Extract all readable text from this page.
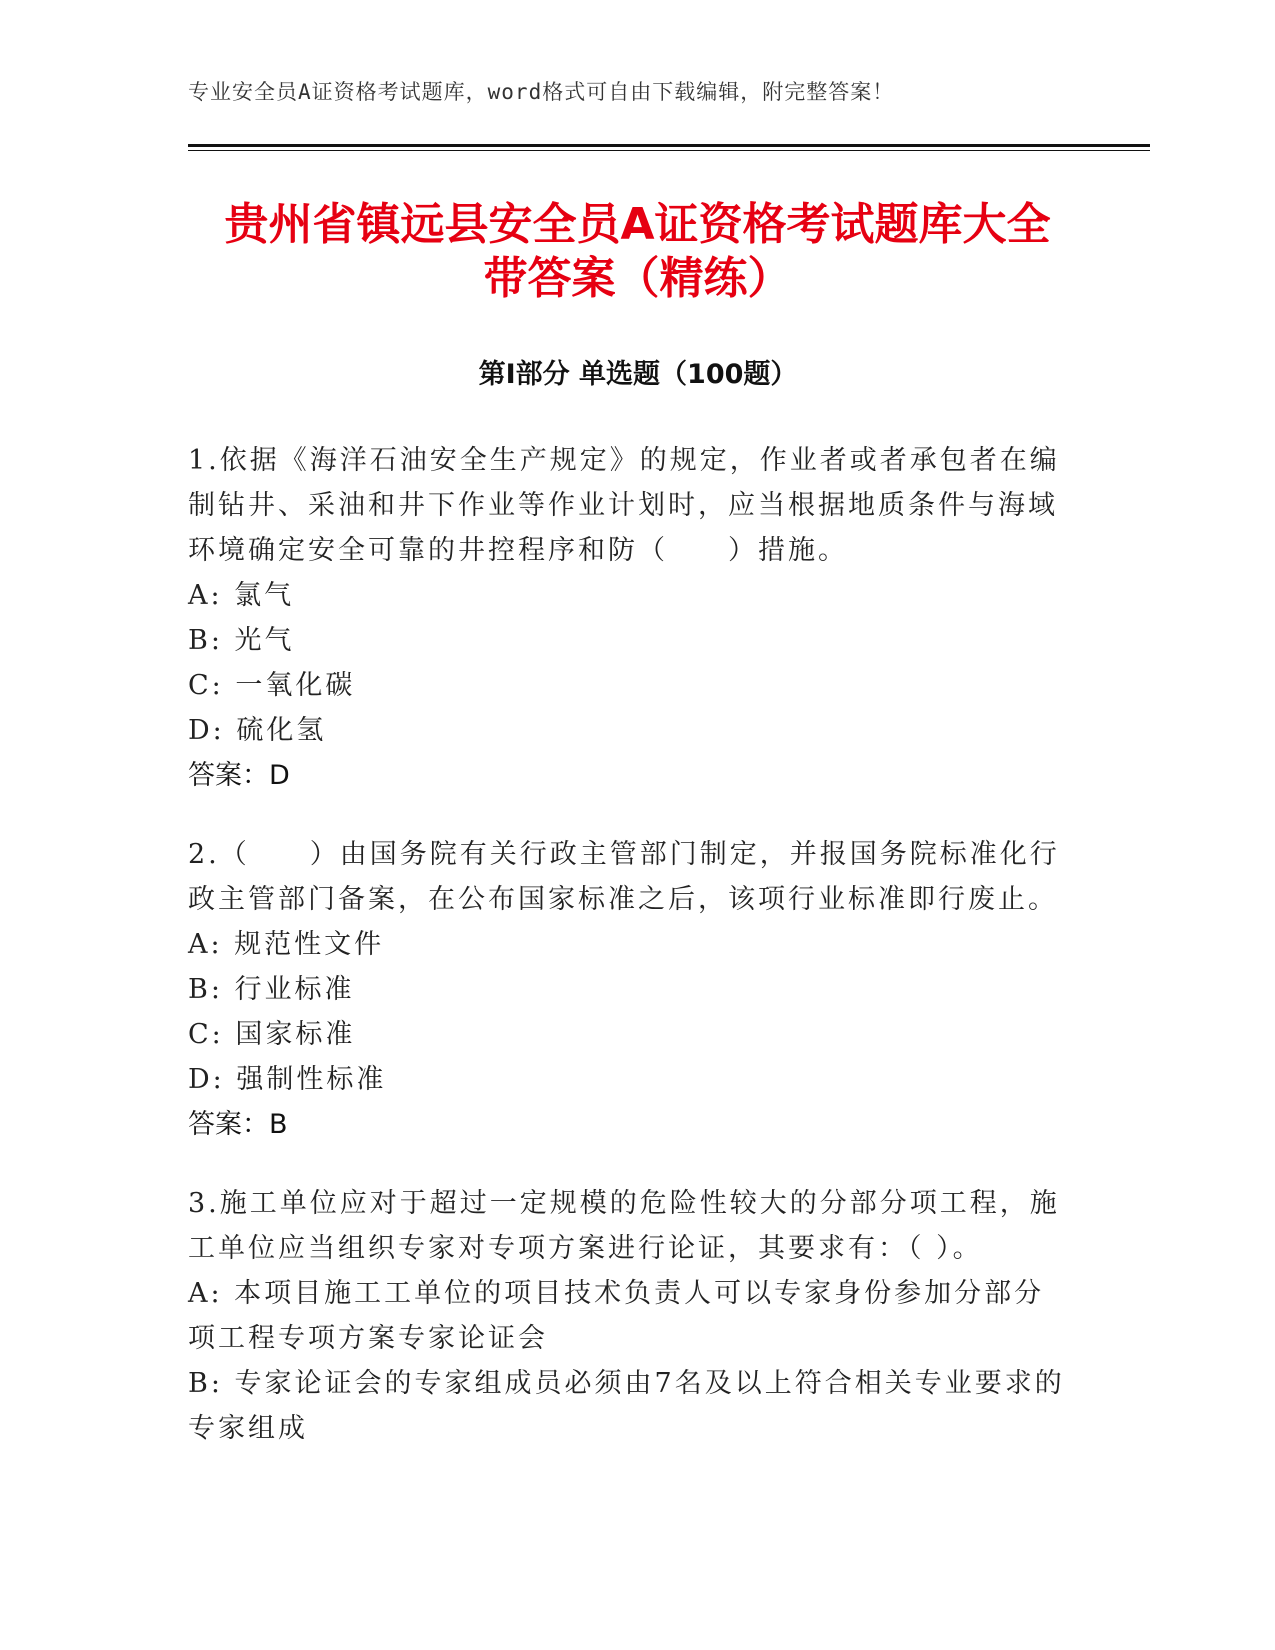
专业安全员A证资格考试题库，word格式可自由下载编辑，附完整答案！
贵州省镇远县安全员A证资格考试题库大全
带答案（精练）
第Ⅰ部分 单选题（100题）
1.依据《海洋石油安全生产规定》的规定，作业者或者承包者在编制钻井、采油和井下作业等作业计划时，应当根据地质条件与海域环境确定安全可靠的井控程序和防（　　）措施。
A: 氯气
B: 光气
C: 一氧化碳
D: 硫化氢
答案：D
2.（　　）由国务院有关行政主管部门制定，并报国务院标准化行政主管部门备案，在公布国家标准之后，该项行业标准即行废止。
A: 规范性文件
B: 行业标准
C: 国家标准
D: 强制性标准
答案：B
3.施工单位应对于超过一定规模的危险性较大的分部分项工程，施工单位应当组织专家对专项方案进行论证，其要求有：（ ）。
A: 本项目施工工单位的项目技术负责人可以专家身份参加分部分项工程专项方案专家论证会
B: 专家论证会的专家组成员必须由7名及以上符合相关专业要求的专家组成
